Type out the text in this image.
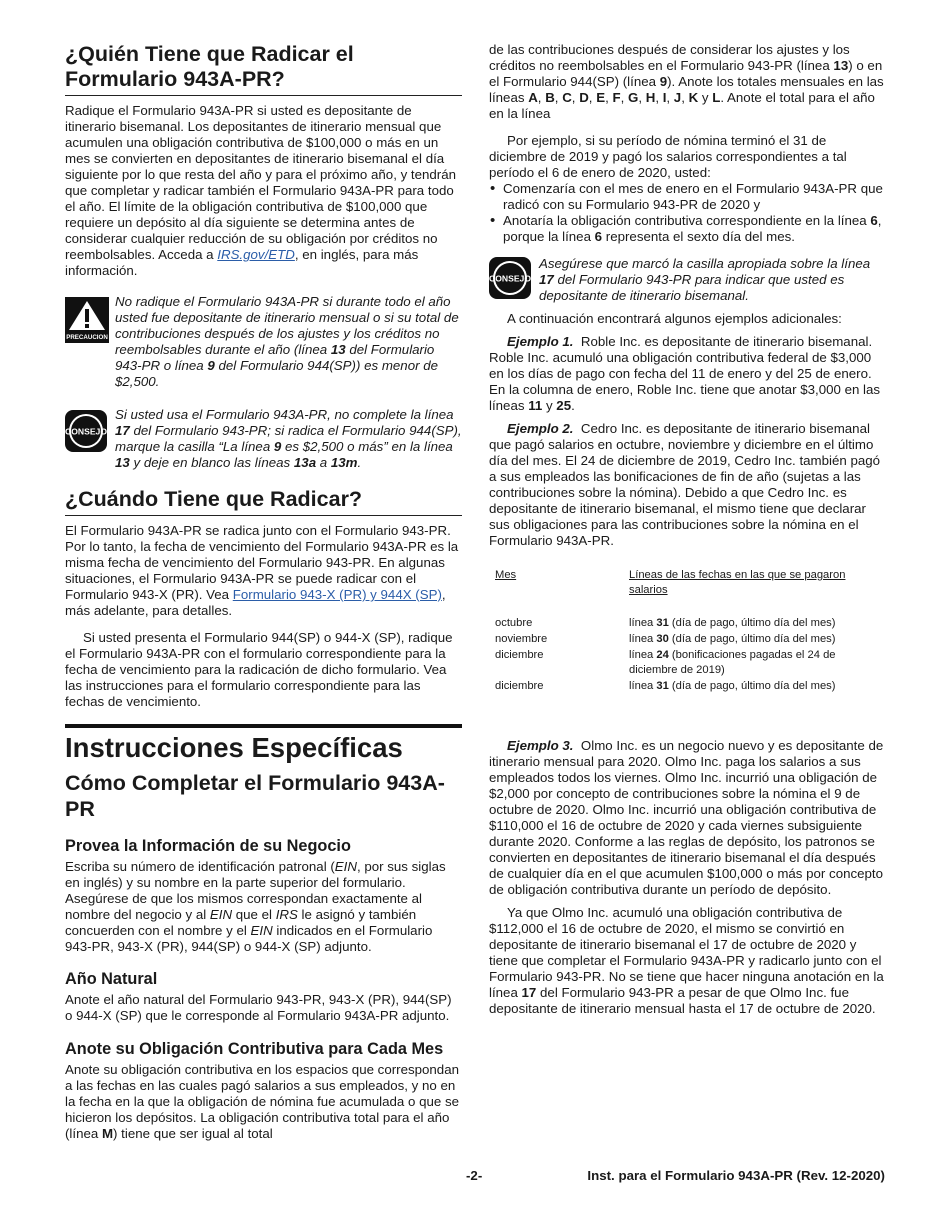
¿Quién Tiene que Radicar el Formulario 943A-PR?

Radique el Formulario 943A-PR si usted es depositante de itinerario bisemanal. Los depositantes de itinerario mensual que acumulen una obligación contributiva de $100,000 o más en un mes se convierten en depositantes de itinerario bisemanal el día siguiente por lo que resta del año y para el próximo año, y tendrán que completar y radicar también el Formulario 943A-PR para todo el año. El límite de la obligación contributiva de $100,000 que requiere un depósito al día siguiente se determina antes de considerar cualquier reducción de su obligación por créditos no reembolsables. Acceda a IRS.gov/ETD, en inglés, para más información.

PRECAUCION

No radique el Formulario 943A-PR si durante todo el año usted fue depositante de itinerario mensual o si su total de contribuciones después de los ajustes y los créditos no reembolsables durante el año (línea 13 del Formulario 943-PR o línea 9 del Formulario 944(SP)) es menor de $2,500.

CONSEJO

Si usted usa el Formulario 943A-PR, no complete la línea 17 del Formulario 943-PR; si radica el Formulario 944(SP), marque la casilla “La línea 9 es $2,500 o más” en la línea 13 y deje en blanco las líneas 13a a 13m.

¿Cuándo Tiene que Radicar?

El Formulario 943A-PR se radica junto con el Formulario 943-PR. Por lo tanto, la fecha de vencimiento del Formulario 943A-PR es la misma fecha de vencimiento del Formulario 943-PR. En algunas situaciones, el Formulario 943A-PR se puede radicar con el Formulario 943-X (PR). Vea Formulario 943-X (PR) y 944X (SP), más adelante, para detalles.

Si usted presenta el Formulario 944(SP) o 944-X (SP), radique el Formulario 943A-PR con el formulario correspondiente para la fecha de vencimiento para la radicación de dicho formulario. Vea las instrucciones para el formulario correspondiente para las fechas de vencimiento.

Instrucciones Específicas
Cómo Completar el Formulario 943A-PR
Provea la Información de su Negocio

Escriba su número de identificación patronal (EIN, por sus siglas en inglés) y su nombre en la parte superior del formulario. Asegúrese de que los mismos correspondan exactamente al nombre del negocio y al EIN que el IRS le asignó y también concuerden con el nombre y el EIN indicados en el Formulario 943-PR, 943-X (PR), 944(SP) o 944-X (SP) adjunto.

Año Natural

Anote el año natural del Formulario 943-PR, 943-X (PR), 944(SP) o 944-X (SP) que le corresponde al Formulario 943A-PR adjunto.

Anote su Obligación Contributiva para Cada Mes

Anote su obligación contributiva en los espacios que correspondan a las fechas en las cuales pagó salarios a sus empleados, y no en la fecha en la que la obligación de nómina fue acumulada o que se hicieron los depósitos. La obligación contributiva total para el año (línea M) tiene que ser igual al total

de las contribuciones después de considerar los ajustes y los créditos no reembolsables en el Formulario 943-PR (línea 13) o en el Formulario 944(SP) (línea 9). Anote los totales mensuales en las líneas A, B, C, D, E, F, G, H, I, J, K y L. Anote el total para el año en la línea

Por ejemplo, si su período de nómina terminó el 31 de diciembre de 2019 y pagó los salarios correspondientes a tal período el 6 de enero de 2020, usted:

• Comenzaría con el mes de enero en el Formulario 943A-PR que radicó con su Formulario 943-PR de 2020 y

• Anotaría la obligación contributiva correspondiente en la línea 6, porque la línea 6 representa el sexto día del mes.

CONSEJO

Asegúrese que marcó la casilla apropiada sobre la línea 17 del Formulario 943-PR para indicar que usted es depositante de itinerario bisemanal.

A continuación encontrará algunos ejemplos adicionales:

Ejemplo 1. Roble Inc. es depositante de itinerario bisemanal. Roble Inc. acumuló una obligación contributiva federal de $3,000 en los días de pago con fecha del 11 de enero y del 25 de enero. En la columna de enero, Roble Inc. tiene que anotar $3,000 en las líneas 11 y 25.

Ejemplo 2. Cedro Inc. es depositante de itinerario bisemanal que pagó salarios en octubre, noviembre y diciembre en el último día del mes. El 24 de diciembre de 2019, Cedro Inc. también pagó a sus empleados las bonificaciones de fin de año (sujetas a las contribuciones sobre la nómina). Debido a que Cedro Inc. es depositante de itinerario bisemanal, el mismo tiene que declarar sus obligaciones para las contribuciones sobre la nómina en el Formulario 943A-PR.

Mes	Líneas de las fechas en las que se pagaron salarios
octubre	línea 31 (día de pago, último día del mes)
noviembre	línea 30 (día de pago, último día del mes)
diciembre	línea 24 (bonificaciones pagadas el 24 de diciembre de 2019)
diciembre	línea 31 (día de pago, último día del mes)

Ejemplo 3. Olmo Inc. es un negocio nuevo y es depositante de itinerario mensual para 2020. Olmo Inc. paga los salarios a sus empleados todos los viernes. Olmo Inc. incurrió una obligación de $2,000 por concepto de contribuciones sobre la nómina el 9 de octubre de 2020. Olmo Inc. incurrió una obligación contributiva de $110,000 el 16 de octubre de 2020 y cada viernes subsiguiente durante 2020. Conforme a las reglas de depósito, los patronos se convierten en depositantes de itinerario bisemanal el día después de cualquier día en el que acumulen $100,000 o más por concepto de obligación contributiva durante un período de depósito.

Ya que Olmo Inc. acumuló una obligación contributiva de $112,000 el 16 de octubre de 2020, el mismo se convirtió en depositante de itinerario bisemanal el 17 de octubre de 2020 y tiene que completar el Formulario 943A-PR y radicarlo junto con el Formulario 943-PR. No se tiene que hacer ninguna anotación en la línea 17 del Formulario 943-PR a pesar de que Olmo Inc. fue depositante de itinerario mensual hasta el 17 de octubre de 2020.

-2-	Inst. para el Formulario 943A-PR (Rev. 12-2020)
